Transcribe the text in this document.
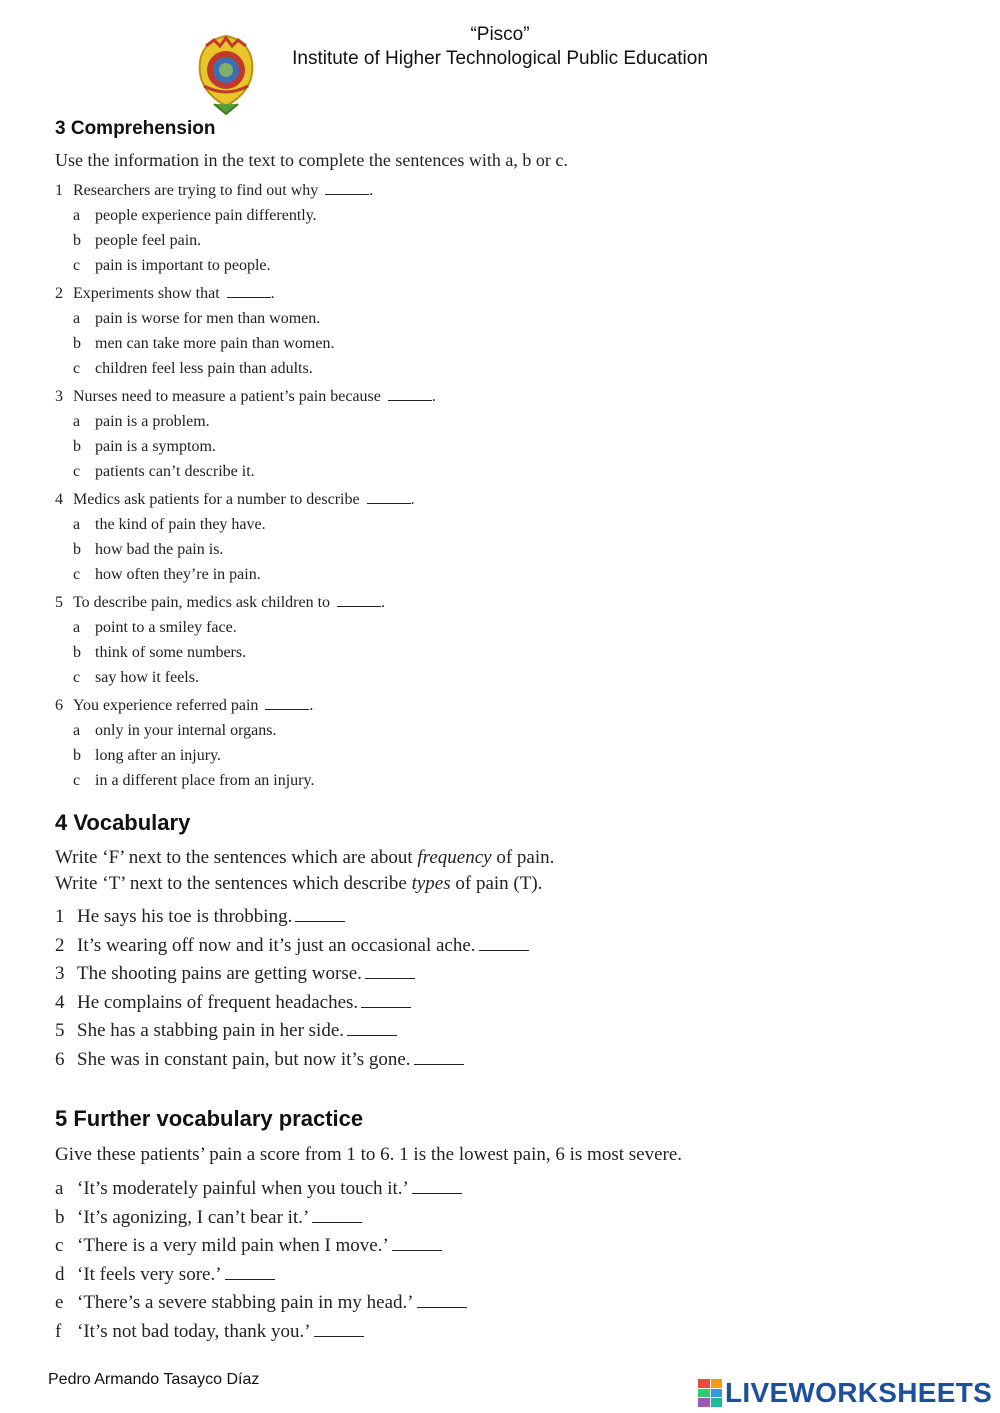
“Pisco”
Institute of Higher Technological Public Education
3 Comprehension
Use the information in the text to complete the sentences with a, b or c.
1 Researchers are trying to find out why	.
a people experience pain differently.
b people feel pain.
c pain is important to people.
2 Experiments show that	.
a pain is worse for men than women.
b men can take more pain than women.
c children feel less pain than adults.
3 Nurses need to measure a patient’s pain because	.
a pain is a problem.
b pain is a symptom.
c patients can’t describe it.
4 Medics ask patients for a number to describe	.
a the kind of pain they have.
b how bad the pain is.
c how often they’re in pain.
5 To describe pain, medics ask children to	.
a point to a smiley face.
b think of some numbers.
c say how it feels.
6 You experience referred pain	.
a only in your internal organs.
b long after an injury.
c in a different place from an injury.
4 Vocabulary
Write ‘F’ next to the sentences which are about frequency of pain.
Write ‘T’ next to the sentences which describe types of pain (T).
1 He says his toe is throbbing.
2 It’s wearing off now and it’s just an occasional ache.
3 The shooting pains are getting worse.
4 He complains of frequent headaches.
5 She has a stabbing pain in her side.
6 She was in constant pain, but now it’s gone.
5 Further vocabulary practice
Give these patients’ pain a score from 1 to 6. 1 is the lowest pain, 6 is most severe.
a ‘It’s moderately painful when you touch it.’
b ‘It’s agonizing, I can’t bear it.’
c ‘There is a very mild pain when I move.’
d ‘It feels very sore.’
e ‘There’s a severe stabbing pain in my head.’
f ‘It’s not bad today, thank you.’
Pedro Armando Tasayco Díaz	LIVEWORKSHEETS
